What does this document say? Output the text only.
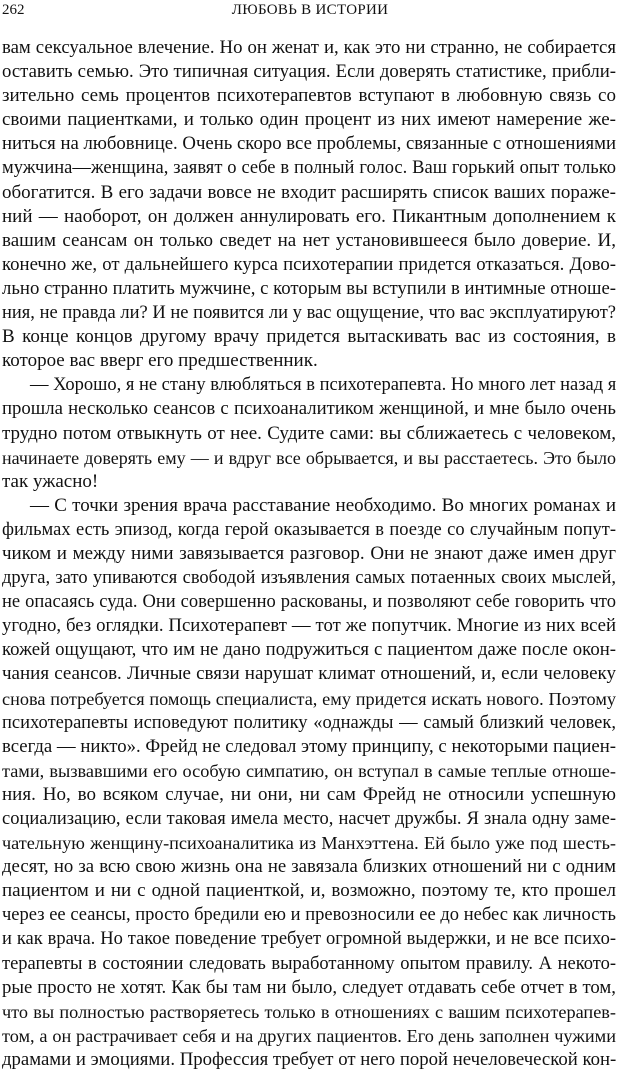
262	ЛЮБОВЬ В ИСТОРИИ
вам сексуальное влечение. Но он женат и, как это ни странно, не собирается
оставить семью. Это типичная ситуация. Если доверять статистике, прибли-
зительно семь процентов психотерапевтов вступают в любовную связь со
своими пациентками, и только один процент из них имеют намерение же-
ниться на любовнице. Очень скоро все проблемы, связанные с отношениями
мужчина—женщина, заявят о себе в полный голос. Ваш горький опыт только
обогатится. В его задачи вовсе не входит расширять список ваших пораже-
ний — наоборот, он должен аннулировать его. Пикантным дополнением к
вашим сеансам он только сведет на нет установившееся было доверие. И,
конечно же, от дальнейшего курса психотерапии придется отказаться. Дово-
льно странно платить мужчине, с которым вы вступили в интимные отноше-
ния, не правда ли? И не появится ли у вас ощущение, что вас эксплуатируют?
В конце концов другому врачу придется вытаскивать вас из состояния, в
которое вас вверг его предшественник.
— Хорошо, я не стану влюбляться в психотерапевта. Но много лет назад я
прошла несколько сеансов с психоаналитиком женщиной, и мне было очень
трудно потом отвыкнуть от нее. Судите сами: вы сближаетесь с человеком,
начинаете доверять ему — и вдруг все обрывается, и вы расстаетесь. Это было
так ужасно!
— С точки зрения врача расставание необходимо. Во многих романах и
фильмах есть эпизод, когда герой оказывается в поезде со случайным попут-
чиком и между ними завязывается разговор. Они не знают даже имен друг
друга, зато упиваются свободой изъявления самых потаенных своих мыслей,
не опасаясь суда. Они совершенно раскованы, и позволяют себе говорить что
угодно, без оглядки. Психотерапевт — тот же попутчик. Многие из них всей
кожей ощущают, что им не дано подружиться с пациентом даже после окон-
чания сеансов. Личные связи нарушат климат отношений, и, если человеку
снова потребуется помощь специалиста, ему придется искать нового. Поэтому
психотерапевты исповедуют политику «однажды — самый близкий человек,
всегда — никто». Фрейд не следовал этому принципу, с некоторыми пациен-
тами, вызвавшими его особую симпатию, он вступал в самые теплые отноше-
ния. Но, во всяком случае, ни они, ни сам Фрейд не относили успешную
социализацию, если таковая имела место, насчет дружбы. Я знала одну заме-
чательную женщину-психоаналитика из Манхэттена. Ей было уже под шесть-
десят, но за всю свою жизнь она не завязала близких отношений ни с одним
пациентом и ни с одной пациенткой, и, возможно, поэтому те, кто прошел
через ее сеансы, просто бредили ею и превозносили ее до небес как личность
и как врача. Но такое поведение требует огромной выдержки, и не все психо-
терапевты в состоянии следовать выработанному опытом правилу. А некото-
рые просто не хотят. Как бы там ни было, следует отдавать себе отчет в том,
что вы полностью растворяетесь только в отношениях с вашим психотерапев-
том, а он растрачивает себя и на других пациентов. Его день заполнен чужими
драмами и эмоциями. Профессия требует от него порой нечеловеческой кон-
